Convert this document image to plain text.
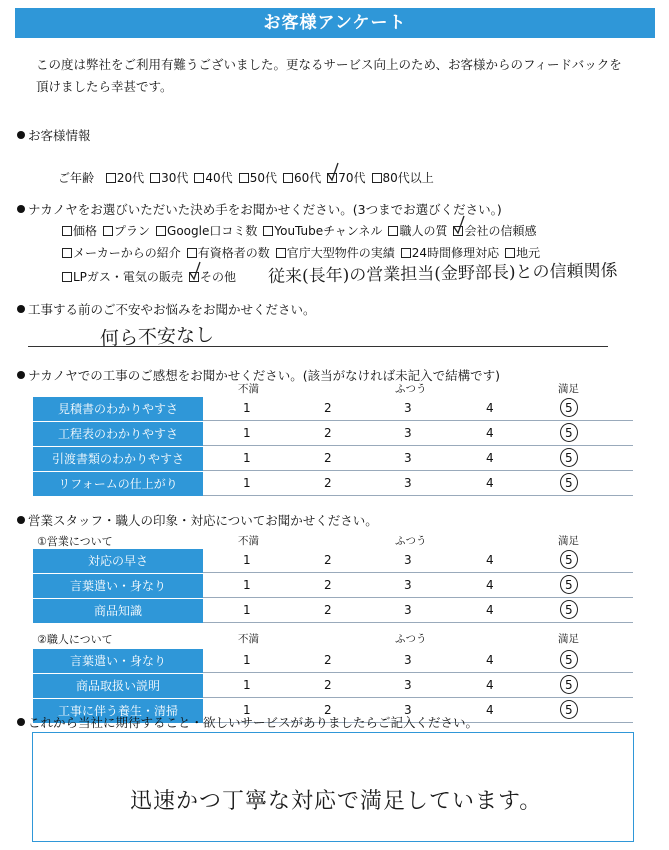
お客様アンケート
この度は弊社をご利用有難うございました。更なるサービス向上のため、お客様からのフィードバックを
頂けましたら幸甚です。
お客様情報
ご年齢 20代 30代 40代 50代 60代 70代 80代以上
ナカノヤをお選びいただいた決め手をお聞かせください。(3つまでお選びください。)
価格 プラン Google口コミ数 YouTubeチャンネル 職人の質 会社の信頼感
メーカーからの紹介 有資格者の数 官庁大型物件の実績 24時間修理対応 地元
LPガス・電気の販売 その他	従来(長年)の営業担当(金野部長)との信頼関係
工事する前のご不安やお悩みをお聞かせください。
何ら不安なし
ナカノヤでの工事のご感想をお聞かせください。(該当がなければ未記入で結構です)
不満	ふつう	満足
見積書のわかりやすさ	1	2	3	4	5
工程表のわかりやすさ	1	2	3	4	5
引渡書類のわかりやすさ	1	2	3	4	5
リフォームの仕上がり	1	2	3	4	5
営業スタッフ・職人の印象・対応についてお聞かせください。
①営業について	不満	ふつう	満足
対応の早さ	1	2	3	4	5
言葉遣い・身なり	1	2	3	4	5
商品知識	1	2	3	4	5
②職人について	不満	ふつう	満足
言葉遣い・身なり	1	2	3	4	5
商品取扱い説明	1	2	3	4	5
工事に伴う養生・清掃	1	2	3	4	5
これから当社に期待すること・欲しいサービスがありましたらご記入ください。
迅速かつ丁寧な対応で満足しています。
